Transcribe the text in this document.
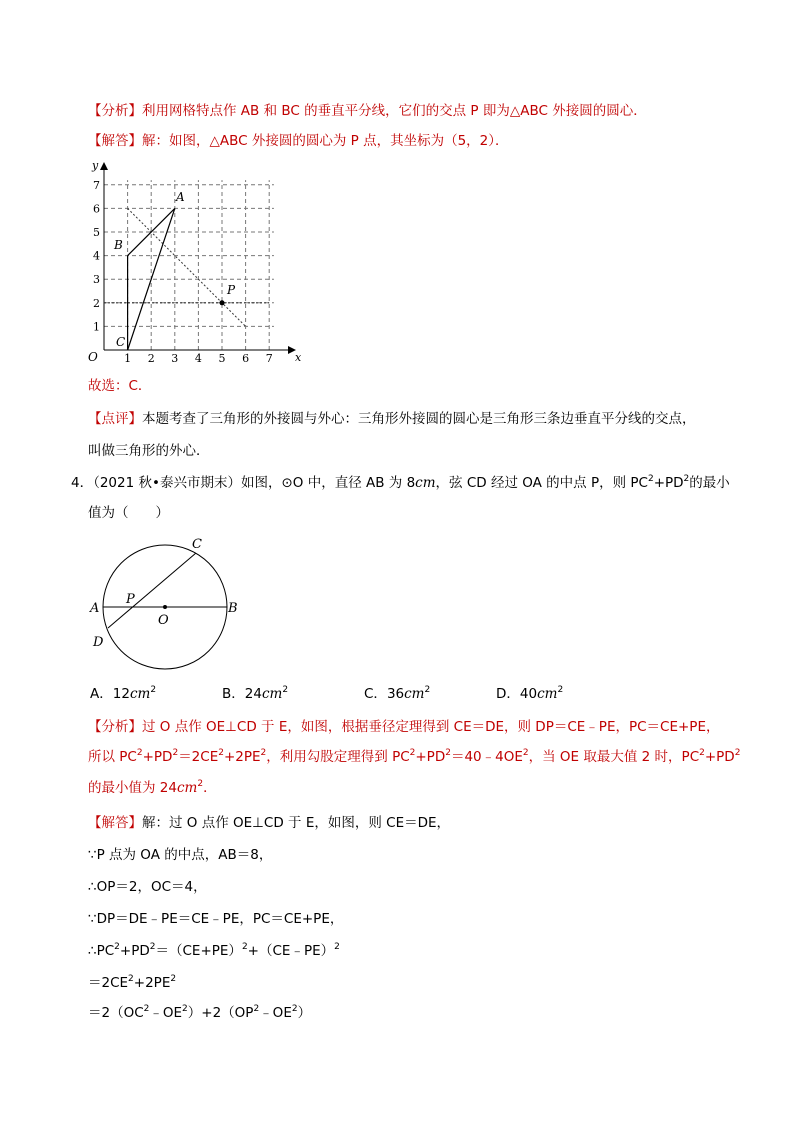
【分析】利用网格特点作 AB 和 BC 的垂直平分线，它们的交点 P 即为△ABC 外接圆的圆心．
【解答】解：如图，△ABC 外接圆的圆心为 P 点，其坐标为（5，2）．
1 2 3 4 5 6 7
1
2
3
4
5
6
7
y
x
O
A
B
C
P
故选：C．
【点评】本题考查了三角形的外接圆与外心：三角形外接圆的圆心是三角形三条边垂直平分线的交点，
叫做三角形的外心．
4．（2021 秋•泰兴市期末）如图，⊙O 中，直径 AB 为 8cm，弦 CD 经过 OA 的中点 P，则 $PC^2+PD^2$的最小
值为（　　）
A	B
C
D
P
O
A．$12cm^2$	B．$24cm^2$	C．$36cm^2$	D．$40cm^2$
【分析】过 O 点作 OE⊥CD 于 E，如图，根据垂径定理得到 CE＝DE，则 DP＝CE﹣PE，PC＝CE+PE，
所以 $PC^2+PD^2=2CE^2+2PE^2$，利用勾股定理得到 $PC^2+PD^2=40﹣4OE^2$，当 OE 取最大值 2 时，$PC^2+PD^2$
的最小值为 $24cm^2$．
【解答】解：过 O 点作 OE⊥CD 于 E，如图，则 CE＝DE，
∵P 点为 OA 的中点，AB＝8，
∴OP＝2，OC＝4，
∵DP＝DE﹣PE＝CE﹣PE，PC＝CE+PE，
$\therefore PC^2+PD^2=(CE+PE)^2+(CE﹣PE)^2$
$=2CE^2+2PE^2$
$=2(OC^2﹣OE^2)+2(OP^2﹣OE^2)$
